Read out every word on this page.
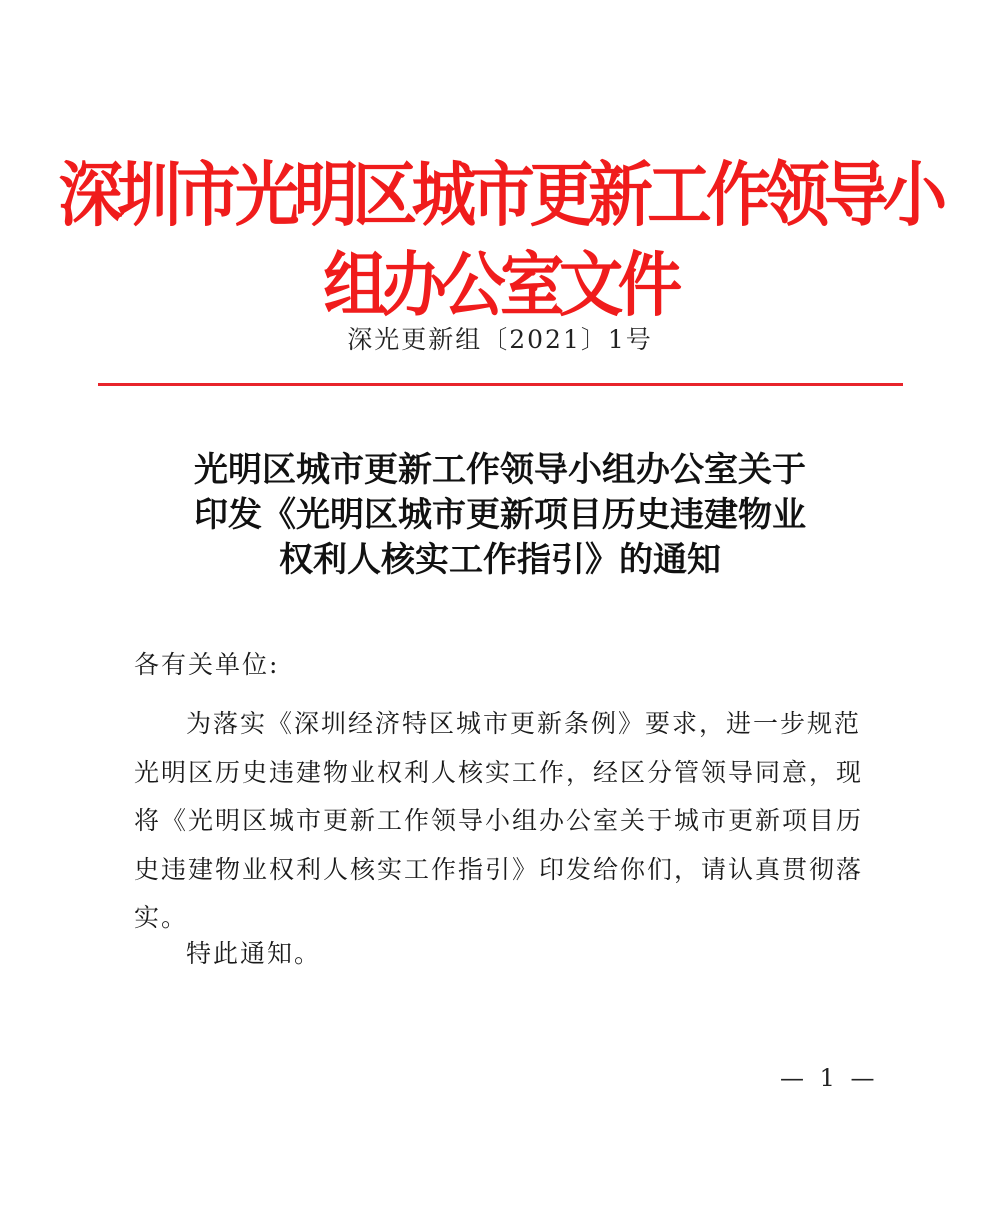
深圳市光明区城市更新工作领导小组办公室文件
深光更新组〔2021〕1号
光明区城市更新工作领导小组办公室关于
印发《光明区城市更新项目历史违建物业
权利人核实工作指引》的通知
各有关单位:
为落实《深圳经济特区城市更新条例》要求，进一步规范
光明区历史违建物业权利人核实工作，经区分管领导同意，现
将《光明区城市更新工作领导小组办公室关于城市更新项目历
史违建物业权利人核实工作指引》印发给你们，请认真贯彻落
实。
特此通知。
— 1 —
